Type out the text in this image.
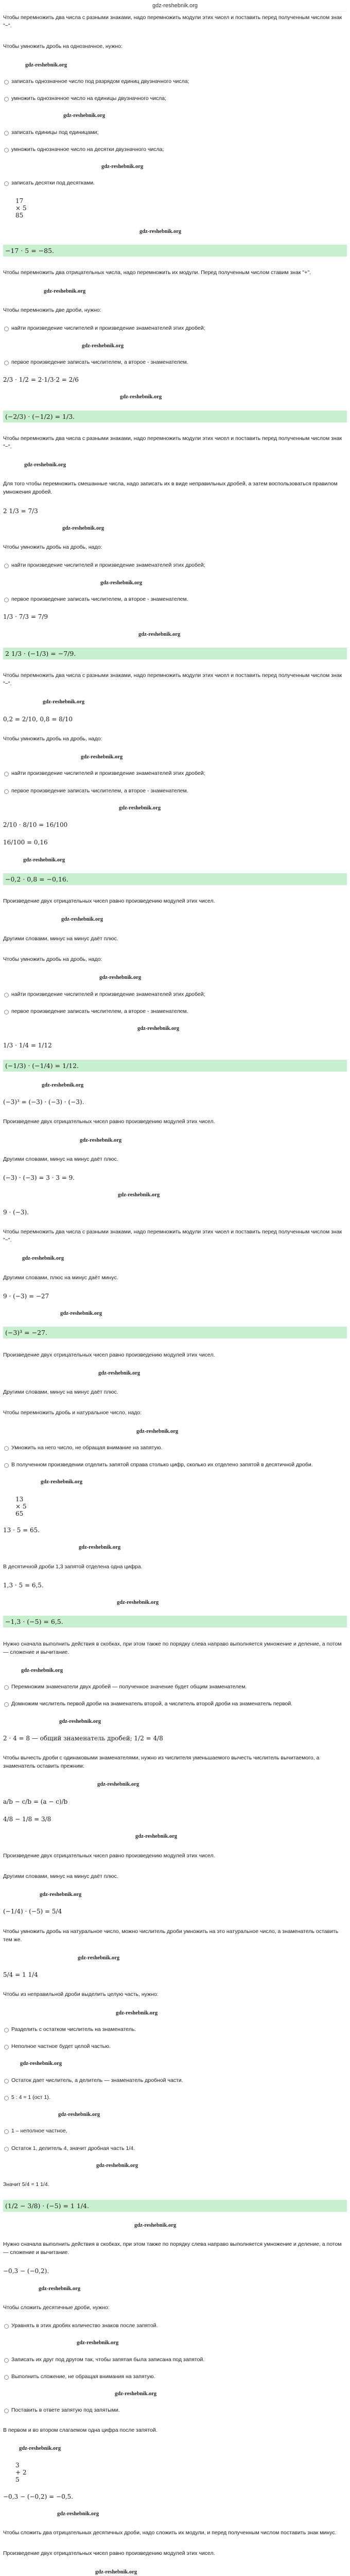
gdz-reshebnik.org
Чтобы перемножить два числа с разными знаками, надо перемножить модули этих чисел и поставить перед полученным числом знак "−".
Чтобы умножить дробь на однозначное, нужно:
gdz-reshebnik.org
записать однозначное число под разрядом единиц двузначного числа;
умножить однозначное число на единицы двузначного числа;
gdz-reshebnik.org
записать единицы под единицами;
умножить однозначное число на десятки двузначного числа;
gdz-reshebnik.org
записать десятки под десятками.
17
× 5
85
gdz-reshebnik.org
−17 · 5 = −85.
Чтобы перемножить два отрицательных числа, надо перемножить их модули. Перед полученным числом ставим знак "+".
gdz-reshebnik.org
Чтобы перемножить две дроби, нужно:
найти произведение числителей и произведение знаменателей этих дробей;
gdz-reshebnik.org
первое произведение записать числителем, а второе - знаменателем.
2/3 · 1/2 = 2·1/3·2 = 2/6
gdz-reshebnik.org
(−2/3) · (−1/2) = 1/3.
Чтобы перемножить два числа с разными знаками, надо перемножить модули этих чисел и поставить перед полученным числом знак "−".
gdz-reshebnik.org
Для того чтобы перемножить смешанные числа, надо записать их в виде неправильных дробей, а затем воспользоваться правилом умножения дробей.
2 1/3 = 7/3
gdz-reshebnik.org
Чтобы умножить дробь на дробь, надо:
найти произведение числителей и произведение знаменателей этих дробей;
gdz-reshebnik.org
первое произведение записать числителем, а второе - знаменателем.
1/3 · 7/3 = 7/9
gdz-reshebnik.org
2 1/3 · (−1/3) = −7/9.
Чтобы перемножить два числа с разными знаками, надо перемножить модули этих чисел и поставить перед полученным числом знак "−".
gdz-reshebnik.org
0,2 = 2/10, 0,8 = 8/10
Чтобы умножить дробь на дробь, надо:
gdz-reshebnik.org
найти произведение числителей и произведение знаменателей этих дробей;
первое произведение записать числителем, а второе - знаменателем.
gdz-reshebnik.org
2/10 · 8/10 = 16/100
16/100 = 0,16
gdz-reshebnik.org
−0,2 · 0,8 = −0,16.
Произведение двух отрицательных чисел равно произведению модулей этих чисел.
gdz-reshebnik.org
Другими словами, минус на минус даёт плюс.
Чтобы умножить дробь на дробь, надо:
gdz-reshebnik.org
найти произведение числителей и произведение знаменателей этих дробей;
первое произведение записать числителем, а второе - знаменателем.
gdz-reshebnik.org
1/3 · 1/4 = 1/12
(−1/3) · (−1/4) = 1/12.
gdz-reshebnik.org
(−3)³ = (−3) · (−3) · (−3).
Произведение двух отрицательных чисел равно произведению модулей этих чисел.
gdz-reshebnik.org
Другими словами, минус на минус даёт плюс.
(−3) · (−3) = 3 · 3 = 9.
gdz-reshebnik.org
9 · (−3).
Чтобы перемножить два числа с разными знаками, надо перемножить модули этих чисел и поставить перед полученным числом знак "−".
gdz-reshebnik.org
Другими словами, плюс на минус даёт минус.
9 · (−3) = −27
gdz-reshebnik.org
(−3)³ = −27.
Произведение двух отрицательных чисел равно произведению модулей этих чисел.
gdz-reshebnik.org
Другими словами, минус на минус даёт плюс.
Чтобы перемножить дробь и натуральное число, надо:
gdz-reshebnik.org
Умножить на него число, не обращая внимание на запятую.
В полученном произведении отделить запятой справа столько цифр, сколько их отделено запятой в десятичной дроби.
gdz-reshebnik.org
13
× 5
65
13 · 5 = 65.
gdz-reshebnik.org
В десятичной дроби 1,3 запятой отделена одна цифра.
1,3 · 5 = 6,5.
gdz-reshebnik.org
−1,3 · (−5) = 6,5.
Нужно сначала выполнить действия в скобках, при этом также по порядку слева направо выполняется умножение и деление, а потом — сложение и вычитание.
gdz-reshebnik.org
Перемножим знаменатели двух дробей — полученное значение будет общим знаменателем.
Домножим числитель первой дроби на знаменатель второй, а числитель второй дроби на знаменатель первой.
gdz-reshebnik.org
2 · 4 = 8 — общий знаменатель дробей; 1/2 = 4/8
Чтобы вычесть дроби с одинаковыми знаменателями, нужно из числителя уменьшаемого вычесть числитель вычитаемого, а знаменатель оставить прежним:
gdz-reshebnik.org
a/b − c/b = (a − c)/b
4/8 − 1/8 = 3/8
gdz-reshebnik.org
Произведение двух отрицательных чисел равно произведению модулей этих чисел.
Другими словами, минус на минус даёт плюс.
gdz-reshebnik.org
(−1/4) · (−5) = 5/4
Чтобы умножить дробь на натуральное число, можно числитель дроби умножить на это натуральное число, а знаменатель оставить тем же.
gdz-reshebnik.org
5/4 = 1 1/4
Чтобы из неправильной дроби выделить целую часть, нужно:
gdz-reshebnik.org
Разделить с остатком числитель на знаменатель.
Неполное частное будет целой частью.
gdz-reshebnik.org
Остаток дает числитель, а делитель — знаменатель дробной части.
5 : 4 = 1 (ост 1).
gdz-reshebnik.org
1 – неполное частное,
Остаток 1, делитель 4, значит дробная часть 1/4.
gdz-reshebnik.org
Значит 5/4 = 1 1/4.
(1/2 − 3/8) · (−5) = 1 1/4.
gdz-reshebnik.org
Нужно сначала выполнить действия в скобках, при этом также по порядку слева направо выполняется умножение и деление, а потом — сложение и вычитание.
−0,3 − (−0,2).
gdz-reshebnik.org
Чтобы сложить десятичные дроби, нужно:
Уравнять в этих дробях количество знаков после запятой.
gdz-reshebnik.org
Записать их друг под другом так, чтобы запятая была записана под запятой.
Выполнить сложение, не обращая внимания на запятую.
gdz-reshebnik.org
Поставить в ответе запятую под запятыми.
В первом и во втором слагаемом одна цифра после запятой.
gdz-reshebnik.org
3
+ 2
5
−0,3 − (−0,2) = −0,5.
gdz-reshebnik.org
Чтобы сложить два отрицательных десятичных дроби, надо сложить их модули, и перед полученным числом поставить знак минус.
Произведение двух отрицательных чисел равно произведению модулей этих чисел.
gdz-reshebnik.org
